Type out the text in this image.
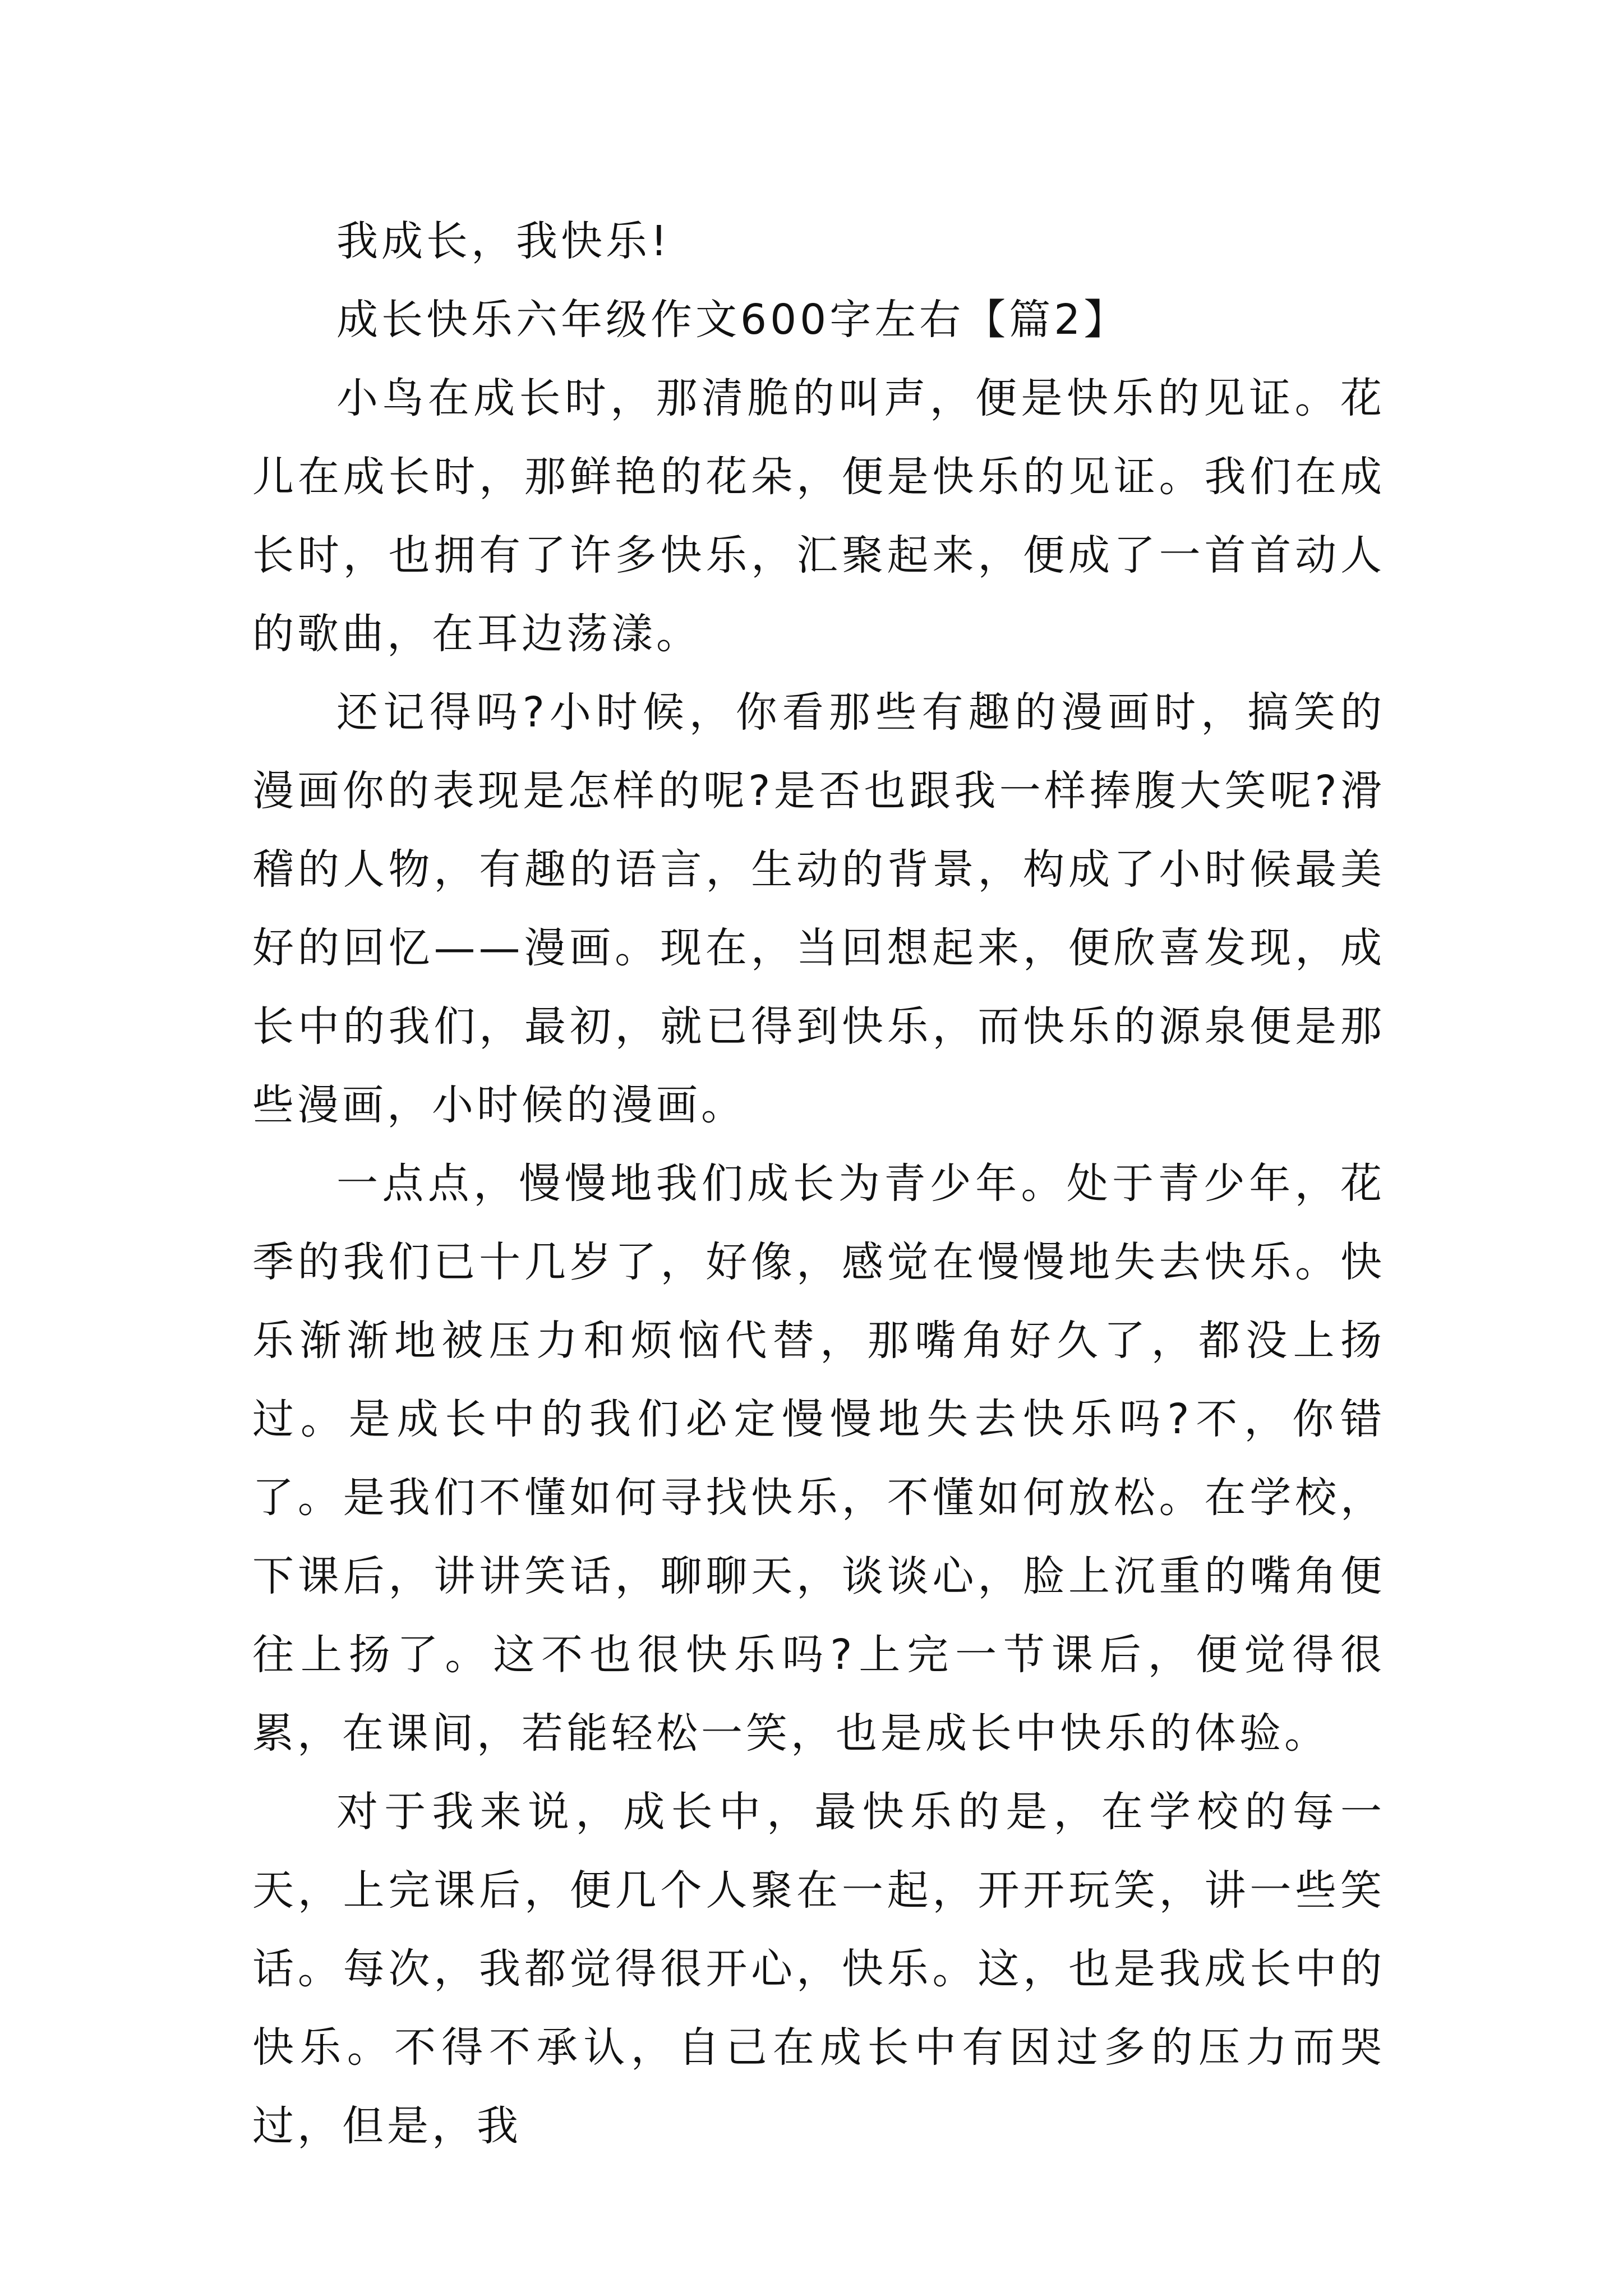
我成长，我快乐!

成长快乐六年级作文600字左右【篇2】

小鸟在成长时，那清脆的叫声，便是快乐的见证。花儿在成长时，那鲜艳的花朵，便是快乐的见证。我们在成长时，也拥有了许多快乐，汇聚起来，便成了一首首动人的歌曲，在耳边荡漾。

还记得吗?小时候，你看那些有趣的漫画时，搞笑的漫画你的表现是怎样的呢?是否也跟我一样捧腹大笑呢?滑稽的人物，有趣的语言，生动的背景，构成了小时候最美好的回忆——漫画。现在，当回想起来，便欣喜发现，成长中的我们，最初，就已得到快乐，而快乐的源泉便是那些漫画，小时候的漫画。

一点点，慢慢地我们成长为青少年。处于青少年，花季的我们已十几岁了，好像，感觉在慢慢地失去快乐。快乐渐渐地被压力和烦恼代替，那嘴角好久了，都没上扬过。是成长中的我们必定慢慢地失去快乐吗?不，你错了。是我们不懂如何寻找快乐，不懂如何放松。在学校，下课后，讲讲笑话，聊聊天，谈谈心，脸上沉重的嘴角便往上扬了。这不也很快乐吗?上完一节课后，便觉得很累，在课间，若能轻松一笑，也是成长中快乐的体验。

对于我来说，成长中，最快乐的是，在学校的每一天，上完课后，便几个人聚在一起，开开玩笑，讲一些笑话。每次，我都觉得很开心，快乐。这，也是我成长中的快乐。不得不承认，自己在成长中有因过多的压力而哭过，但是，我
